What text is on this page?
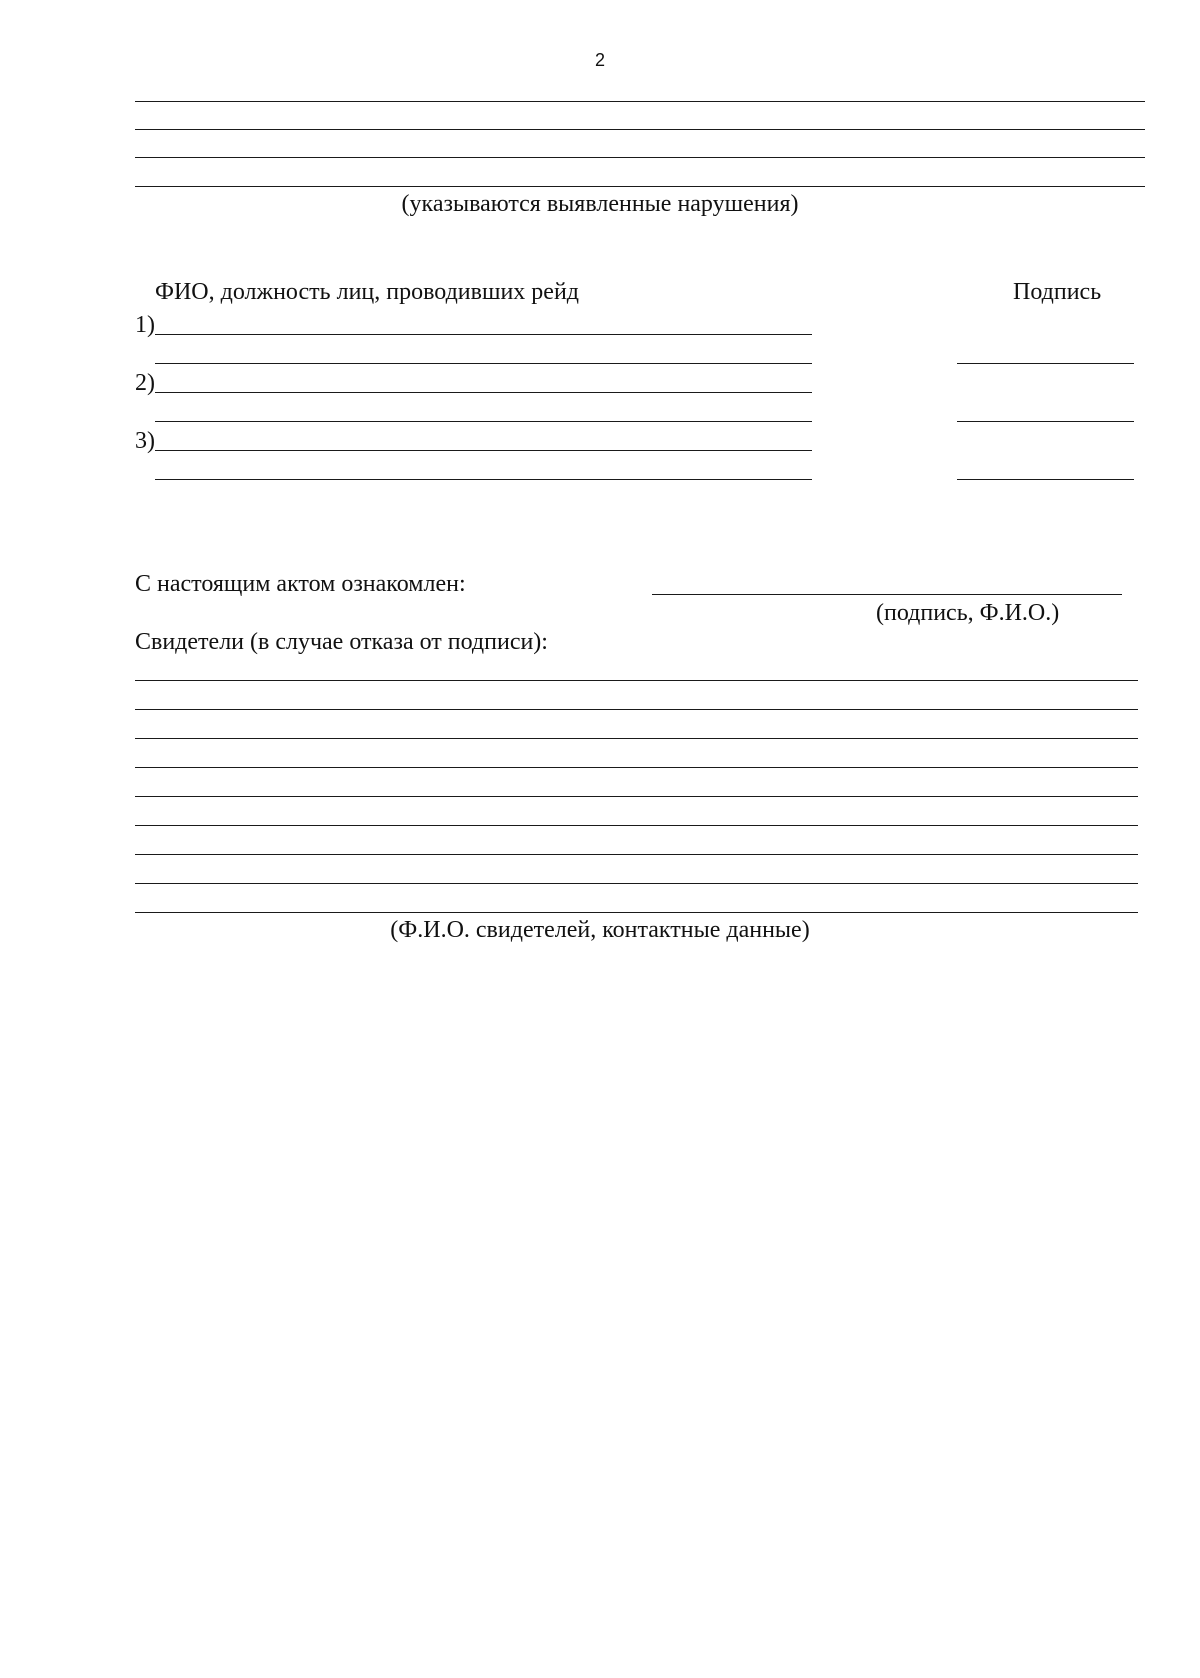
2
(указываются выявленные нарушения)
ФИО, должность лиц, проводивших рейд	Подпись
1)
2)
3)
С настоящим актом ознакомлен:
(подпись, Ф.И.О.)
Свидетели (в случае отказа от подписи):
(Ф.И.О. свидетелей, контактные данные)
